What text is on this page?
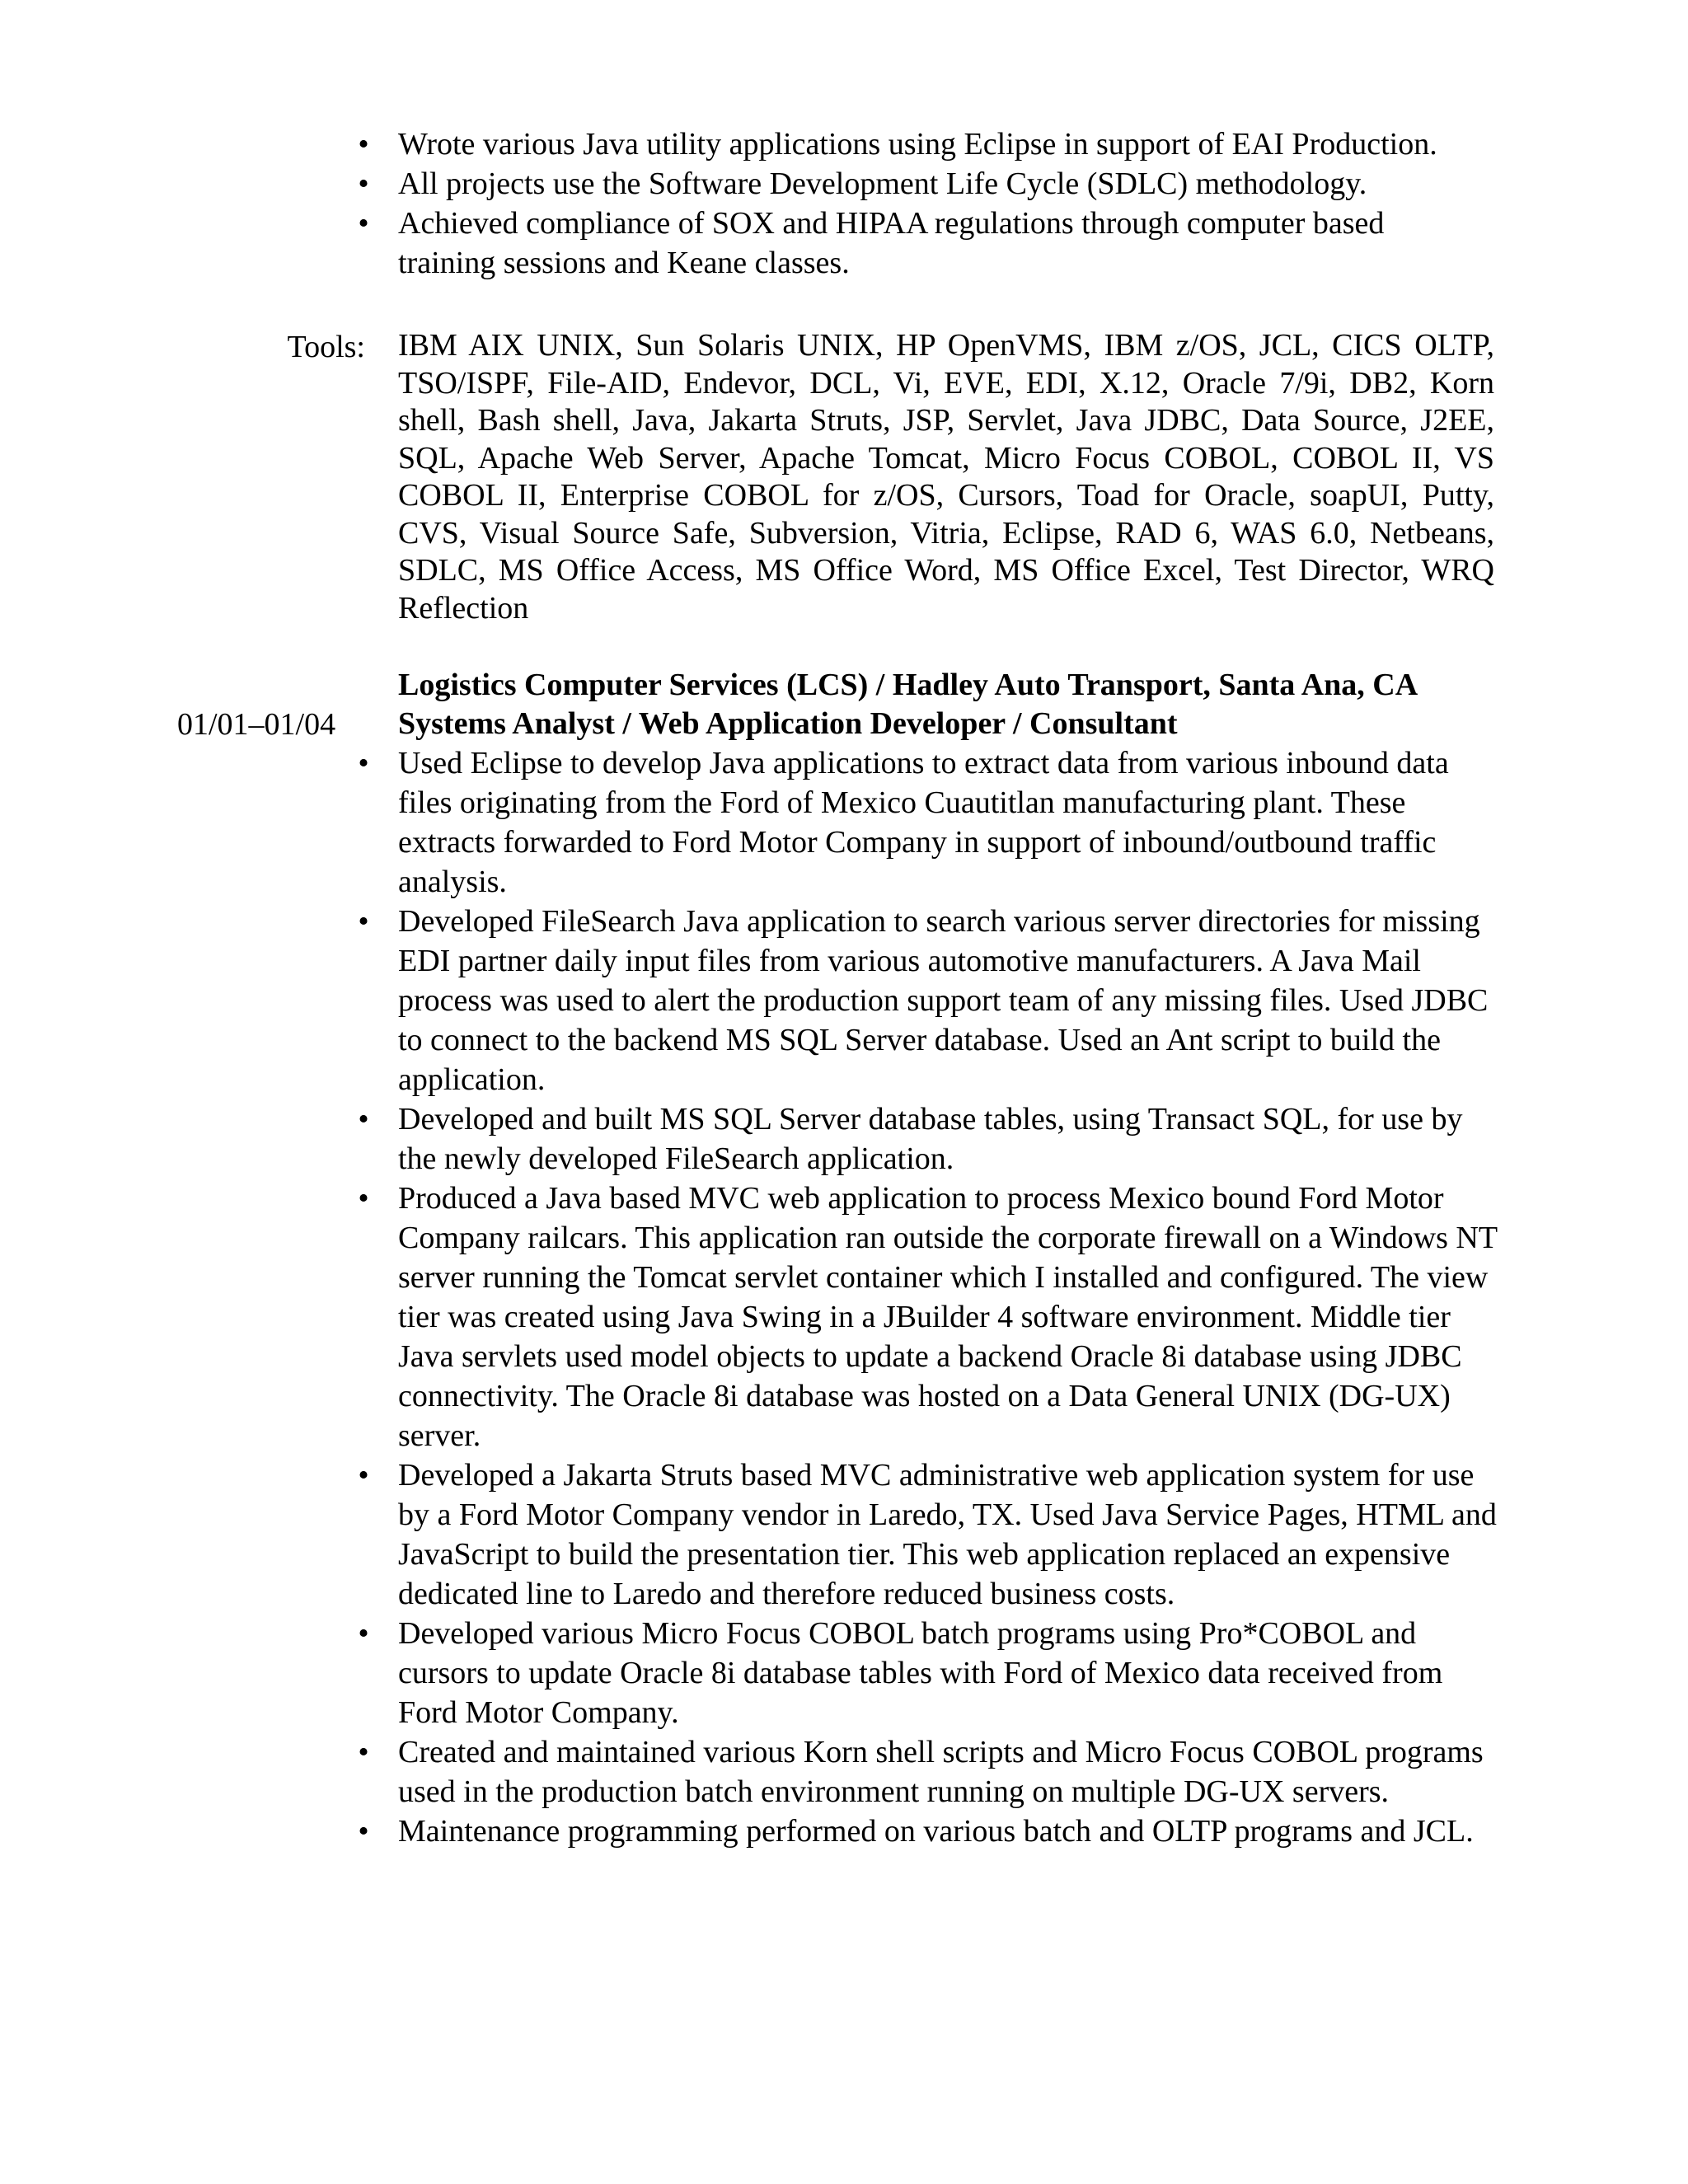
• Wrote various Java utility applications using Eclipse in support of EAI Production.
• All projects use the Software Development Life Cycle (SDLC) methodology.
• Achieved compliance of SOX and HIPAA regulations through computer based training sessions and Keane classes.
Tools: IBM AIX UNIX, Sun Solaris UNIX, HP OpenVMS, IBM z/OS, JCL, CICS OLTP, TSO/ISPF, File-AID, Endevor, DCL, Vi, EVE, EDI, X.12, Oracle 7/9i, DB2, Korn shell, Bash shell, Java, Jakarta Struts, JSP, Servlet, Java JDBC, Data Source, J2EE, SQL, Apache Web Server, Apache Tomcat, Micro Focus COBOL, COBOL II, VS COBOL II, Enterprise COBOL for z/OS, Cursors, Toad for Oracle, soapUI, Putty, CVS, Visual Source Safe, Subversion, Vitria, Eclipse, RAD 6, WAS 6.0, Netbeans, SDLC, MS Office Access, MS Office Word, MS Office Excel, Test Director, WRQ Reflection
01/01–01/04
Logistics Computer Services (LCS) / Hadley Auto Transport, Santa Ana, CA
Systems Analyst / Web Application Developer / Consultant
• Used Eclipse to develop Java applications to extract data from various inbound data files originating from the Ford of Mexico Cuautitlan manufacturing plant. These extracts forwarded to Ford Motor Company in support of inbound/outbound traffic analysis.
• Developed FileSearch Java application to search various server directories for missing EDI partner daily input files from various automotive manufacturers. A Java Mail process was used to alert the production support team of any missing files. Used JDBC to connect to the backend MS SQL Server database. Used an Ant script to build the application.
• Developed and built MS SQL Server database tables, using Transact SQL, for use by the newly developed FileSearch application.
• Produced a Java based MVC web application to process Mexico bound Ford Motor Company railcars. This application ran outside the corporate firewall on a Windows NT server running the Tomcat servlet container which I installed and configured. The view tier was created using Java Swing in a JBuilder 4 software environment. Middle tier Java servlets used model objects to update a backend Oracle 8i database using JDBC connectivity. The Oracle 8i database was hosted on a Data General UNIX (DG-UX) server.
• Developed a Jakarta Struts based MVC administrative web application system for use by a Ford Motor Company vendor in Laredo, TX. Used Java Service Pages, HTML and JavaScript to build the presentation tier. This web application replaced an expensive dedicated line to Laredo and therefore reduced business costs.
• Developed various Micro Focus COBOL batch programs using Pro*COBOL and cursors to update Oracle 8i database tables with Ford of Mexico data received from Ford Motor Company.
• Created and maintained various Korn shell scripts and Micro Focus COBOL programs used in the production batch environment running on multiple DG-UX servers.
• Maintenance programming performed on various batch and OLTP programs and JCL.
